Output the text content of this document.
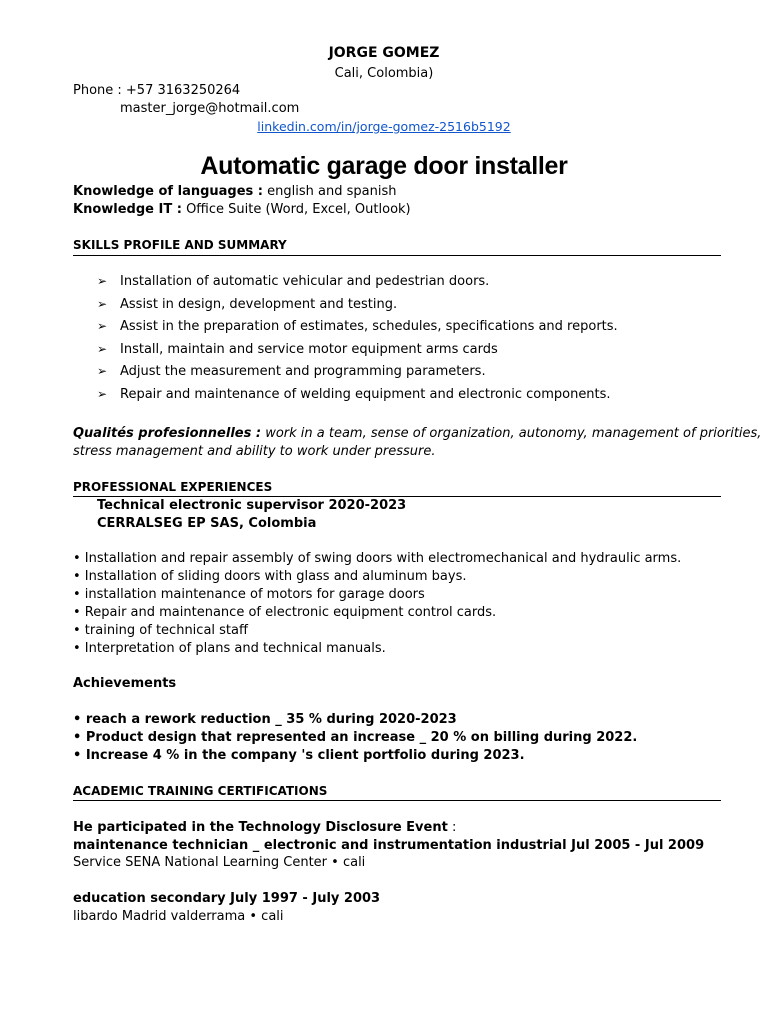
JORGE GOMEZ
Cali, Colombia)
Phone : +57 3163250264
master_jorge@hotmail.com
linkedin.com/in/jorge-gomez-2516b5192
Automatic garage door installer
Knowledge of languages : english and spanish
Knowledge IT : Office Suite (Word, Excel, Outlook)
SKILLS PROFILE AND SUMMARY
➢ Installation of automatic vehicular and pedestrian doors.
➢ Assist in design, development and testing.
➢ Assist in the preparation of estimates, schedules, specifications and reports.
➢ Install, maintain and service motor equipment arms cards
➢ Adjust the measurement and programming parameters.
➢ Repair and maintenance of welding equipment and electronic components.
Qualités profesionnelles : work in a team, sense of organization, autonomy, management of priorities,
stress management and ability to work under pressure.
PROFESSIONAL EXPERIENCES
Technical electronic supervisor 2020-2023
CERRALSEG EP SAS, Colombia
• Installation and repair assembly of swing doors with electromechanical and hydraulic arms.
• Installation of sliding doors with glass and aluminum bays.
• installation maintenance of motors for garage doors
• Repair and maintenance of electronic equipment control cards.
• training of technical staff
• Interpretation of plans and technical manuals.
Achievements
• reach a rework reduction _ 35 % during 2020-2023
• Product design that represented an increase _ 20 % on billing during 2022.
• Increase 4 % in the company 's client portfolio during 2023.
ACADEMIC TRAINING CERTIFICATIONS
He participated in the Technology Disclosure Event :
maintenance technician _ electronic and instrumentation industrial Jul 2005 - Jul 2009
Service SENA National Learning Center • cali
education secondary July 1997 - July 2003
libardo Madrid valderrama • cali
